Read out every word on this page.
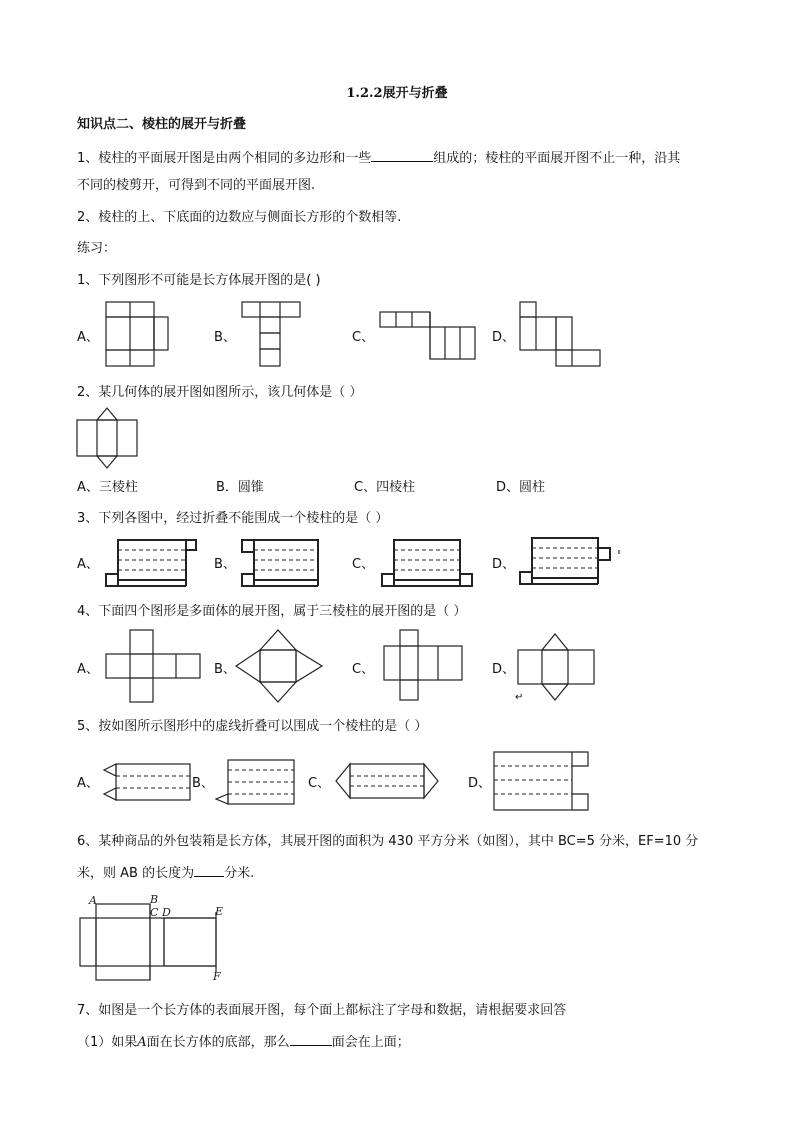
1.2.2展开与折叠
知识点二、棱柱的展开与折叠
1、棱柱的平面展开图是由两个相同的多边形和一些	组成的；棱柱的平面展开图不止一种，沿其
不同的棱剪开，可得到不同的平面展开图.
2、棱柱的上、下底面的边数应与侧面长方形的个数相等.
练习：
1、下列图形不可能是长方体展开图的是( )
A、	B、	C、	D、
2、某几何体的展开图如图所示，该几何体是（ ）
A、三棱柱	B．圆锥	C、四棱柱	D、圆柱
3、下列各图中，经过折叠不能围成一个棱柱的是（ ）
A、	B、	C、	D、
4、下面四个图形是多面体的展开图，属于三棱柱的展开图的是（ ）
A、	B、	C、	D、
↵
5、按如图所示图形中的虚线折叠可以围成一个棱柱的是（ ）
A、	B、	C、	D、
6、某种商品的外包装箱是长方体，其展开图的面积为 430 平方分米（如图），其中 BC=5 分米，EF=10 分
米，则 AB 的长度为 分米.
A	B
C D	E
F
7、如图是一个长方体的表面展开图，每个面上都标注了字母和数据，请根据要求回答
（1）如果A面在长方体的底部，那么	面会在上面；
